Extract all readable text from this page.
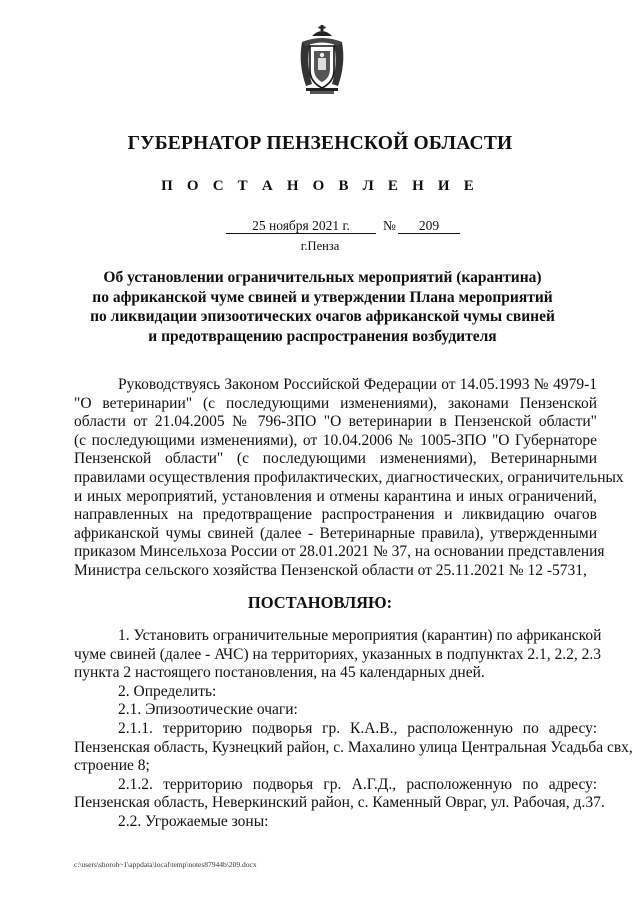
ГУБЕРНАТОР ПЕНЗЕНСКОЙ ОБЛАСТИ
П О С Т А Н О В Л Е Н И Е
25 ноября 2021 г.	№	209
г.Пенза
Об установлении ограничительных мероприятий (карантина)
по африканской чуме свиней и утверждении Плана мероприятий
по ликвидации эпизоотических очагов африканской чумы свиней
и предотвращению распространения возбудителя
Руководствуясь Законом Российской Федерации от 14.05.1993 № 4979-1
"О ветеринарии" (с последующими изменениями), законами Пензенской
области от 21.04.2005 № 796-ЗПО "О ветеринарии в Пензенской области"
(с последующими изменениями), от 10.04.2006 № 1005-ЗПО "О Губернаторе
Пензенской области" (с последующими изменениями), Ветеринарными
правилами осуществления профилактических, диагностических, ограничительных
и иных мероприятий, установления и отмены карантина и иных ограничений,
направленных на предотвращение распространения и ликвидацию очагов
африканской чумы свиней (далее - Ветеринарные правила), утвержденными
приказом Минсельхоза России от 28.01.2021 № 37, на основании представления
Министра сельского хозяйства Пензенской области от 25.11.2021 № 12 -5731,
ПОСТАНОВЛЯЮ:
1. Установить ограничительные мероприятия (карантин) по африканской
чуме свиней (далее - АЧС) на территориях, указанных в подпунктах 2.1, 2.2, 2.3
пункта 2 настоящего постановления, на 45 календарных дней.
2. Определить:
2.1. Эпизоотические очаги:
2.1.1. территорию подворья гр. К.А.В., расположенную по адресу:
Пензенская область, Кузнецкий район, с. Махалино улица Центральная Усадьба свх,
строение 8;
2.1.2. территорию подворья гр. А.Г.Д., расположенную по адресу:
Пензенская область, Неверкинский район, с. Каменный Овраг, ул. Рабочая, д.37.
2.2. Угрожаемые зоны:
c:\users\shoroh~1\appdata\local\temp\notes87944b\209.docx
